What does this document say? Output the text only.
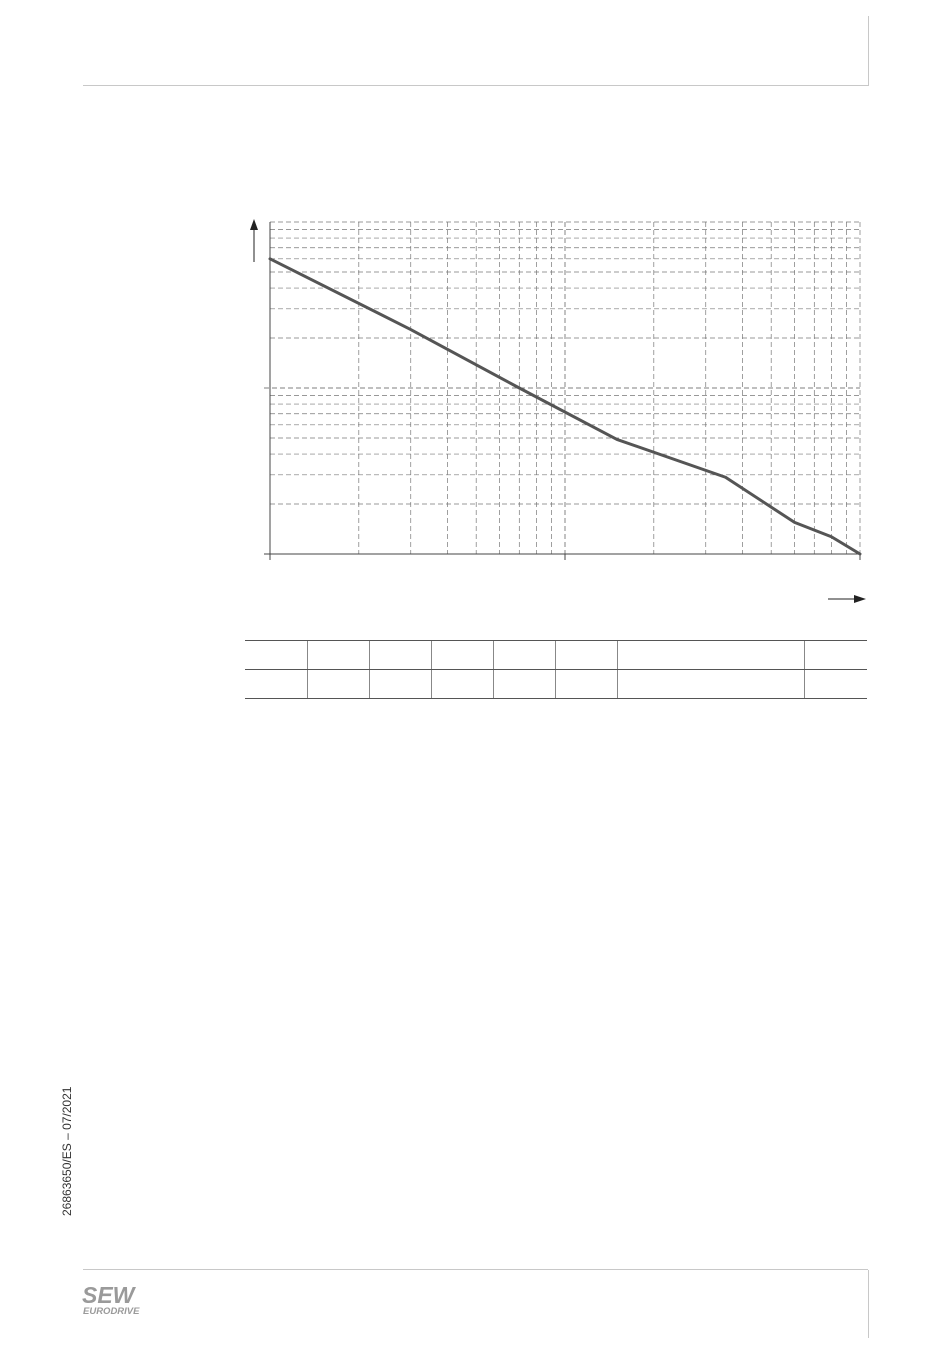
26863650/ES – 07/2021
SEW
EURODRIVE
